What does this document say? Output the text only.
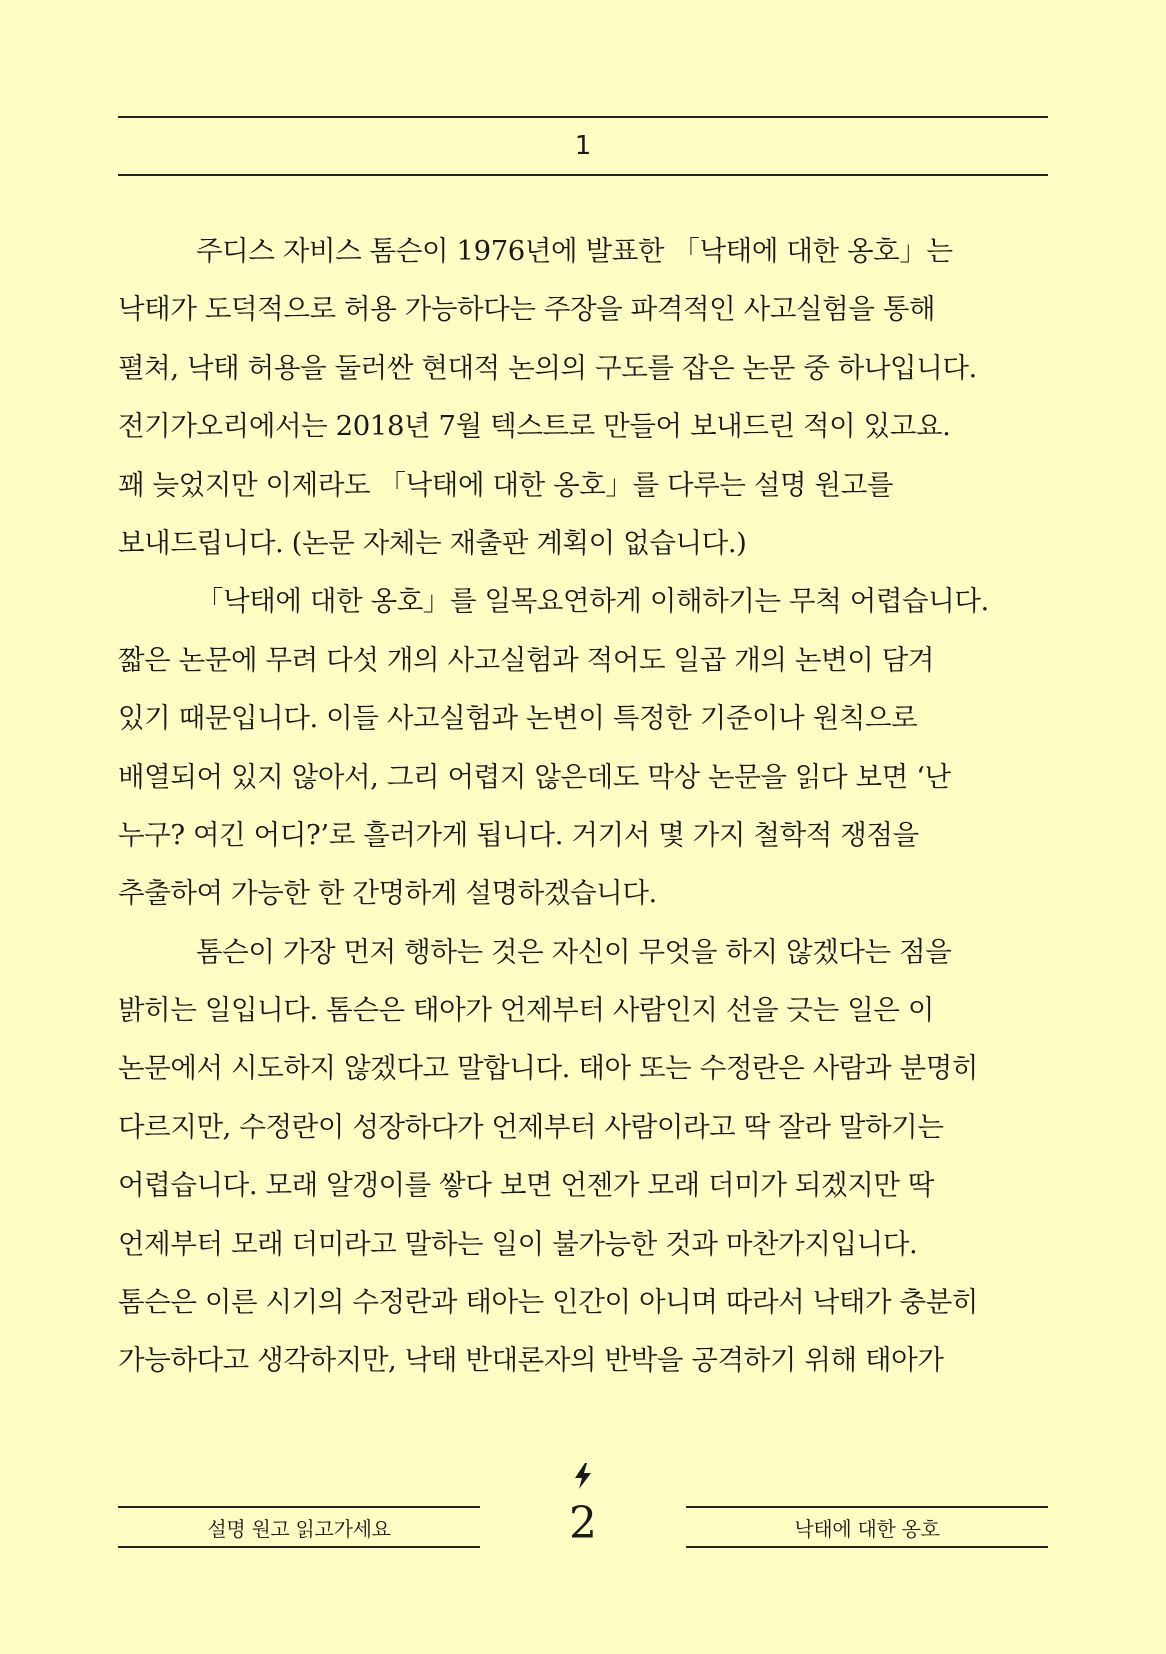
1
주디스 자비스 톰슨이 1976년에 발표한 「낙태에 대한 옹호」는
낙태가 도덕적으로 허용 가능하다는 주장을 파격적인 사고실험을 통해
펼쳐, 낙태 허용을 둘러싼 현대적 논의의 구도를 잡은 논문 중 하나입니다.
전기가오리에서는 2018년 7월 텍스트로 만들어 보내드린 적이 있고요.
꽤 늦었지만 이제라도 「낙태에 대한 옹호」를 다루는 설명 원고를
보내드립니다. (논문 자체는 재출판 계획이 없습니다.)
「낙태에 대한 옹호」를 일목요연하게 이해하기는 무척 어렵습니다.
짧은 논문에 무려 다섯 개의 사고실험과 적어도 일곱 개의 논변이 담겨
있기 때문입니다. 이들 사고실험과 논변이 특정한 기준이나 원칙으로
배열되어 있지 않아서, 그리 어렵지 않은데도 막상 논문을 읽다 보면 ‘난
누구? 여긴 어디?’로 흘러가게 됩니다. 거기서 몇 가지 철학적 쟁점을
추출하여 가능한 한 간명하게 설명하겠습니다.
톰슨이 가장 먼저 행하는 것은 자신이 무엇을 하지 않겠다는 점을
밝히는 일입니다. 톰슨은 태아가 언제부터 사람인지 선을 긋는 일은 이
논문에서 시도하지 않겠다고 말합니다. 태아 또는 수정란은 사람과 분명히
다르지만, 수정란이 성장하다가 언제부터 사람이라고 딱 잘라 말하기는
어렵습니다. 모래 알갱이를 쌓다 보면 언젠가 모래 더미가 되겠지만 딱
언제부터 모래 더미라고 말하는 일이 불가능한 것과 마찬가지입니다.
톰슨은 이른 시기의 수정란과 태아는 인간이 아니며 따라서 낙태가 충분히
가능하다고 생각하지만, 낙태 반대론자의 반박을 공격하기 위해 태아가
설명 원고 읽고가세요	2	낙태에 대한 옹호
